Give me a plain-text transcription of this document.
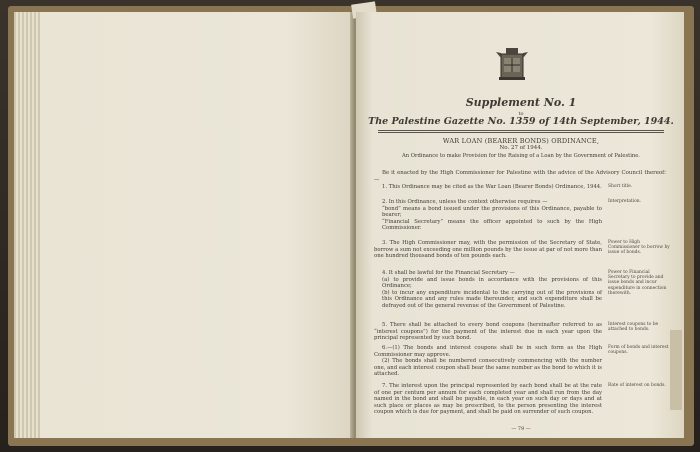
Supplement No. 1
to
The Palestine Gazette No. 1359 of 14th September, 1944.
WAR LOAN (BEARER BONDS) ORDINANCE,
No. 27 of 1944.
An Ordinance to make Provision for the Raising of a Loan by the Government of Palestine.
Be it enacted by the High Commissioner for Palestine with the advice of the Advisory Council thereof:—

1. This Ordinance may be cited as the War Loan (Bearer Bonds) Ordinance, 1944. Short title.

2. In this Ordinance, unless the context otherwise requires —

“bond” means a bond issued under the provisions of this Ordinance, payable to bearer;

“Financial Secretary” means the officer appointed to such by the High Commissioner.

Interpretation.

3. The High Commissioner may, with the permission of the Secretary of State, borrow a sum not exceeding one million pounds by the issue at par of not more than one hundred thousand bonds of ten pounds each.

Power to High Commissioner to borrow by issue of bonds.

4. It shall be lawful for the Financial Secretary —

(a) to provide and issue bonds in accordance with the provisions of this Ordinance;

(b) to incur any expenditure incidental to the carrying out of the provisions of this Ordinance and any rules made thereunder, and such expenditure shall be defrayed out of the general revenue of the Government of Palestine.

Power to Financial Secretary to provide and issue bonds and incur expenditure in connection therewith.

5. There shall be attached to every bond coupons (hereinafter referred to as “interest coupons”) for the payment of the interest due in each year upon the principal represented by such bond.

Interest coupons to be attached to bonds.

6.—(1) The bonds and interest coupons shall be in such form as the High Commissioner may approve.

(2) The bonds shall be numbered consecutively commencing with the number one, and each interest coupon shall bear the same number as the bond to which it is attached.

Form of bonds and interest coupons.

7. The interest upon the principal represented by each bond shall be at the rate of one per centum per annum for each completed year and shall run from the day named in the bond and shall be payable, in each year on such day or days and at such place or places as may be prescribed, to the person presenting the interest coupon which is due for payment, and shall be paid on surrender of such coupon.

Rate of interest on bonds.
— 79 —
